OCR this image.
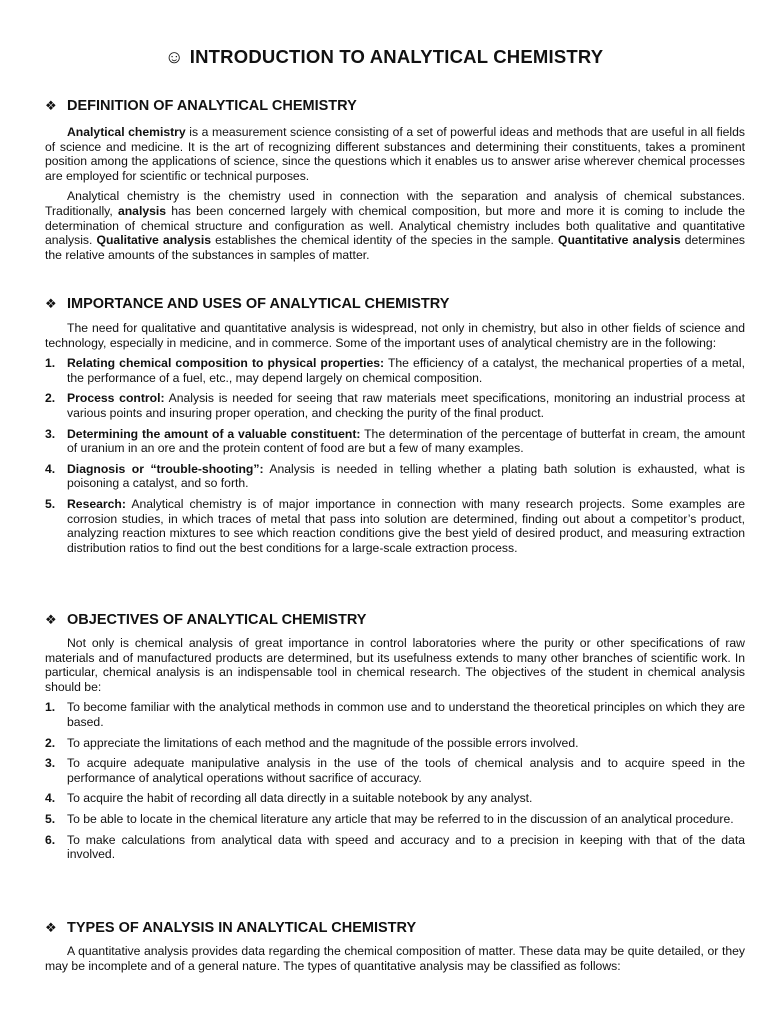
☺ INTRODUCTION TO ANALYTICAL CHEMISTRY
❖ DEFINITION OF ANALYTICAL CHEMISTRY

Analytical chemistry is a measurement science consisting of a set of powerful ideas and methods that are useful in all fields of science and medicine. It is the art of recognizing different substances and determining their constituents, takes a prominent position among the applications of science, since the questions which it enables us to answer arise wherever chemical processes are employed for scientific or technical purposes.

Analytical chemistry is the chemistry used in connection with the separation and analysis of chemical substances. Traditionally, analysis has been concerned largely with chemical composition, but more and more it is coming to include the determination of chemical structure and configuration as well. Analytical chemistry includes both qualitative and quantitative analysis. Qualitative analysis establishes the chemical identity of the species in the sample. Quantitative analysis determines the relative amounts of the substances in samples of matter.

❖ IMPORTANCE AND USES OF ANALYTICAL CHEMISTRY

The need for qualitative and quantitative analysis is widespread, not only in chemistry, but also in other fields of science and technology, especially in medicine, and in commerce. Some of the important uses of analytical chemistry are in the following:

1. Relating chemical composition to physical properties: The efficiency of a catalyst, the mechanical properties of a metal, the performance of a fuel, etc., may depend largely on chemical composition.
2. Process control: Analysis is needed for seeing that raw materials meet specifications, monitoring an industrial process at various points and insuring proper operation, and checking the purity of the final product.
3. Determining the amount of a valuable constituent: The determination of the percentage of butterfat in cream, the amount of uranium in an ore and the protein content of food are but a few of many examples.
4. Diagnosis or “trouble-shooting”: Analysis is needed in telling whether a plating bath solution is exhausted, what is poisoning a catalyst, and so forth.
5. Research: Analytical chemistry is of major importance in connection with many research projects. Some examples are corrosion studies, in which traces of metal that pass into solution are determined, finding out about a competitor’s product, analyzing reaction mixtures to see which reaction conditions give the best yield of desired product, and measuring extraction distribution ratios to find out the best conditions for a large-scale extraction process.
❖ OBJECTIVES OF ANALYTICAL CHEMISTRY

Not only is chemical analysis of great importance in control laboratories where the purity or other specifications of raw materials and of manufactured products are determined, but its usefulness extends to many other branches of scientific work. In particular, chemical analysis is an indispensable tool in chemical research. The objectives of the student in chemical analysis should be:

1. To become familiar with the analytical methods in common use and to understand the theoretical principles on which they are based.
2. To appreciate the limitations of each method and the magnitude of the possible errors involved.
3. To acquire adequate manipulative analysis in the use of the tools of chemical analysis and to acquire speed in the performance of analytical operations without sacrifice of accuracy.
4. To acquire the habit of recording all data directly in a suitable notebook by any analyst.
5. To be able to locate in the chemical literature any article that may be referred to in the discussion of an analytical procedure.
6. To make calculations from analytical data with speed and accuracy and to a precision in keeping with that of the data involved.
❖ TYPES OF ANALYSIS IN ANALYTICAL CHEMISTRY

A quantitative analysis provides data regarding the chemical composition of matter. These data may be quite detailed, or they may be incomplete and of a general nature. The types of quantitative analysis may be classified as follows:
